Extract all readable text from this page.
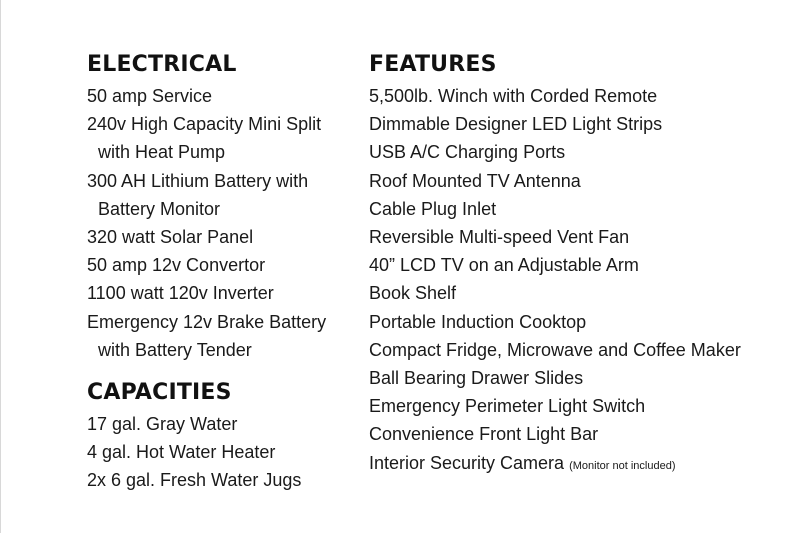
ELECTRICAL
50 amp Service
240v High Capacity Mini Split
with Heat Pump
300 AH Lithium Battery with
Battery Monitor
320 watt Solar Panel
50 amp 12v Convertor
1100 watt 120v Inverter
Emergency 12v Brake Battery
with Battery Tender
CAPACITIES
17 gal. Gray Water
4 gal. Hot Water Heater
2x 6 gal. Fresh Water Jugs
FEATURES
5,500lb. Winch with Corded Remote
Dimmable Designer LED Light Strips
USB A/C Charging Ports
Roof Mounted TV Antenna
Cable Plug Inlet
Reversible Multi-speed Vent Fan
40” LCD TV on an Adjustable Arm
Book Shelf
Portable Induction Cooktop
Compact Fridge, Microwave and Coffee Maker
Ball Bearing Drawer Slides
Emergency Perimeter Light Switch
Convenience Front Light Bar
Interior Security Camera (Monitor not included)
